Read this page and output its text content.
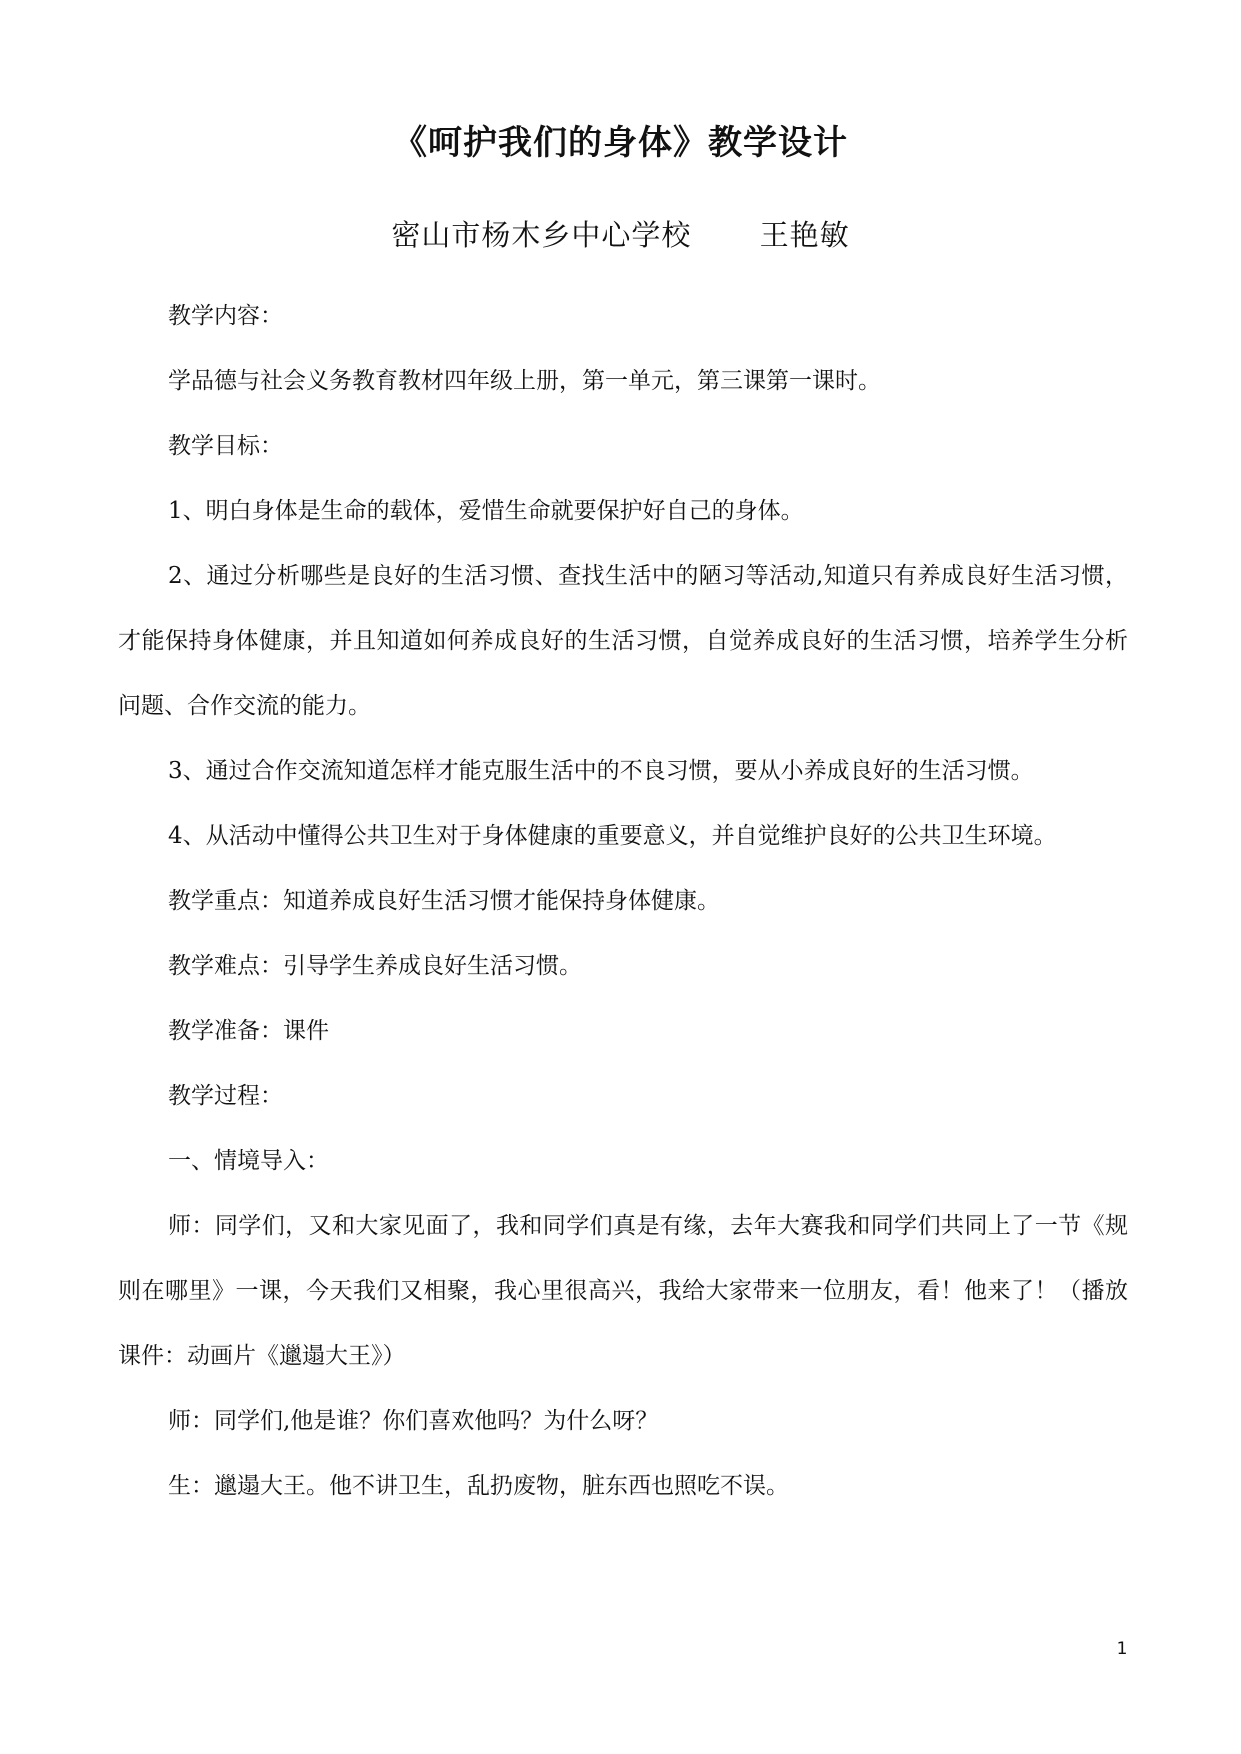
《呵护我们的身体》教学设计
密山市杨木乡中心学校 王艳敏

教学内容：

学品德与社会义务教育教材四年级上册，第一单元，第三课第一课时。

教学目标：

1、明白身体是生命的载体，爱惜生命就要保护好自己的身体。

2、通过分析哪些是良好的生活习惯、查找生活中的陋习等活动,知道只有养成良好生活习惯，才能保持身体健康，并且知道如何养成良好的生活习惯，自觉养成良好的生活习惯，培养学生分析问题、合作交流的能力。

3、通过合作交流知道怎样才能克服生活中的不良习惯，要从小养成良好的生活习惯。

4、从活动中懂得公共卫生对于身体健康的重要意义，并自觉维护良好的公共卫生环境。

教学重点：知道养成良好生活习惯才能保持身体健康。

教学难点：引导学生养成良好生活习惯。

教学准备：课件

教学过程：

一、情境导入：

师：同学们，又和大家见面了，我和同学们真是有缘，去年大赛我和同学们共同上了一节《规则在哪里》一课，今天我们又相聚，我心里很高兴，我给大家带来一位朋友，看！他来了！（播放课件：动画片《邋遢大王》）

师：同学们,他是谁？你们喜欢他吗？为什么呀？

生：邋遢大王。他不讲卫生，乱扔废物，脏东西也照吃不误。

1
